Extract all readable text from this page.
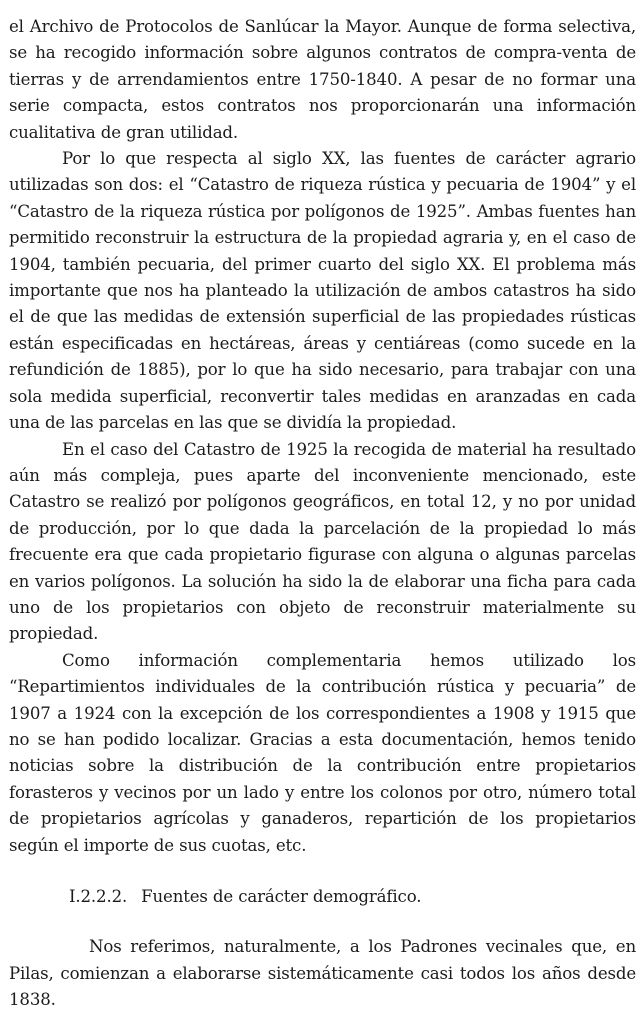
el Archivo de Protocolos de Sanlúcar la Mayor. Aunque de forma selectiva, se ha recogido información sobre algunos contratos de compra-venta de tierras y de arrendamientos entre 1750-1840. A pesar de no formar una serie compacta, estos contratos nos proporcionarán una información cualitativa de gran utilidad.

Por lo que respecta al siglo XX, las fuentes de carácter agrario utilizadas son dos: el “Catastro de riqueza rústica y pecuaria de 1904” y el “Catastro de la riqueza rústica por polígonos de 1925”. Ambas fuentes han permitido reconstruir la estructura de la propiedad agraria y, en el caso de 1904, también pecuaria, del primer cuarto del siglo XX. El problema más importante que nos ha planteado la utilización de ambos catastros ha sido el de que las medidas de extensión superficial de las propiedades rústicas están especificadas en hectáreas, áreas y centiáreas (como sucede en la refundición de 1885), por lo que ha sido necesario, para trabajar con una sola medida superficial, reconvertir tales medidas en aranzadas en cada una de las parcelas en las que se dividía la propiedad.

En el caso del Catastro de 1925 la recogida de material ha resultado aún más compleja, pues aparte del inconveniente mencionado, este Catastro se realizó por polígonos geográficos, en total 12, y no por unidad de producción, por lo que dada la parcelación de la propiedad lo más frecuente era que cada propietario figurase con alguna o algunas parcelas en varios polígonos. La solución ha sido la de elaborar una ficha para cada uno de los propietarios con objeto de reconstruir materialmente su propiedad.

Como información complementaria hemos utilizado los “Repartimientos individuales de la contribución rústica y pecuaria” de 1907 a 1924 con la excepción de los correspondientes a 1908 y 1915 que no se han podido localizar. Gracias a esta documentación, hemos tenido noticias sobre la distribución de la contribución entre propietarios forasteros y vecinos por un lado y entre los colonos por otro, número total de propietarios agrícolas y ganaderos, repartición de los propietarios según el importe de sus cuotas, etc.

I.2.2.2. Fuentes de carácter demográfico.

Nos referimos, naturalmente, a los Padrones vecinales que, en Pilas, comienzan a elaborarse sistemáticamente casi todos los años desde 1838.
